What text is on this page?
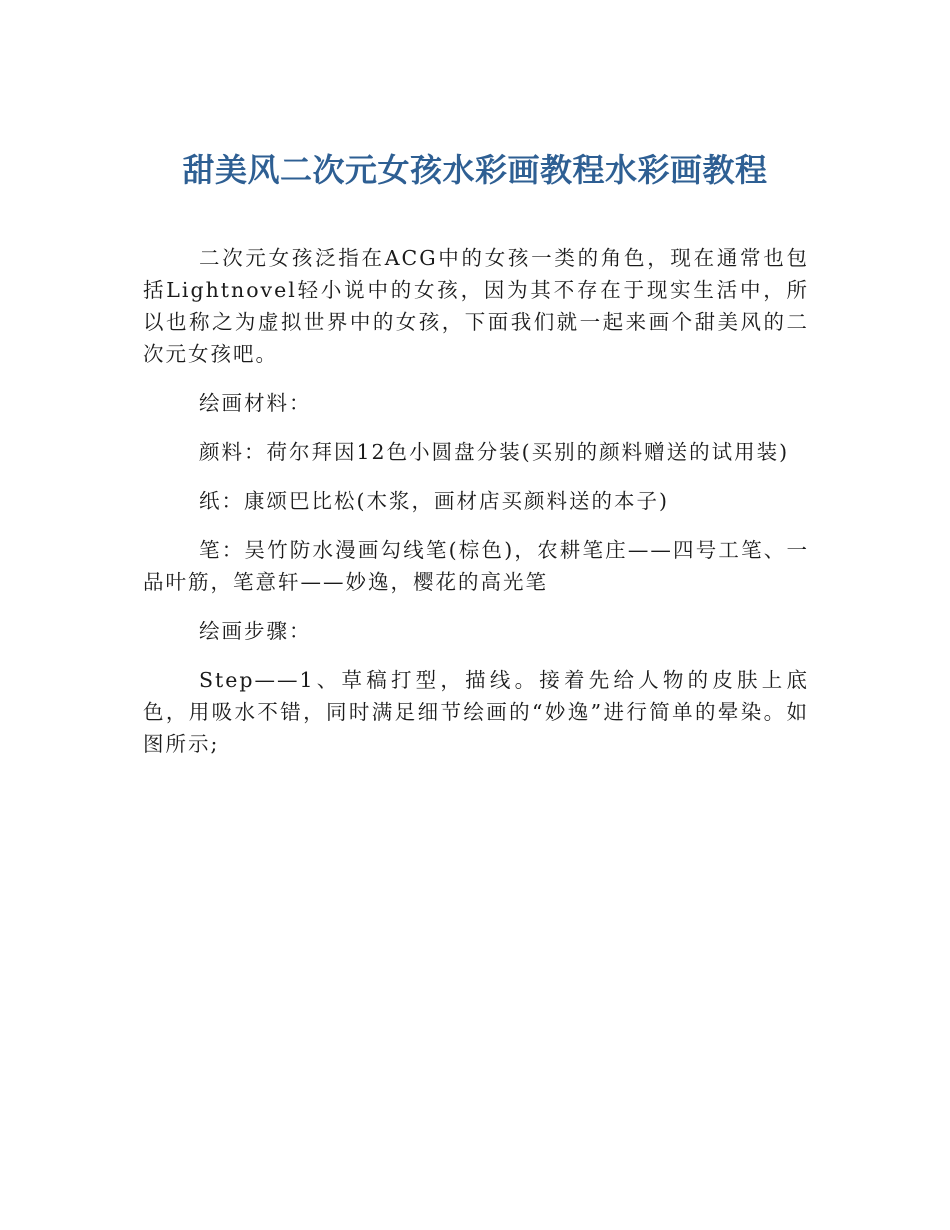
甜美风二次元女孩水彩画教程水彩画教程

二次元女孩泛指在ACG中的女孩一类的角色，现在通常也包括Lightnovel轻小说中的女孩，因为其不存在于现实生活中，所以也称之为虚拟世界中的女孩，下面我们就一起来画个甜美风的二次元女孩吧。

绘画材料：

颜料：荷尔拜因12色小圆盘分装(买别的颜料赠送的试用装)

纸：康颂巴比松(木浆，画材店买颜料送的本子)

笔：吴竹防水漫画勾线笔(棕色)，农耕笔庄——四号工笔、一品叶筋，笔意轩——妙逸，樱花的高光笔

绘画步骤：

Step——1、草稿打型，描线。接着先给人物的皮肤上底色，用吸水不错，同时满足细节绘画的“妙逸”进行简单的晕染。如图所示;
